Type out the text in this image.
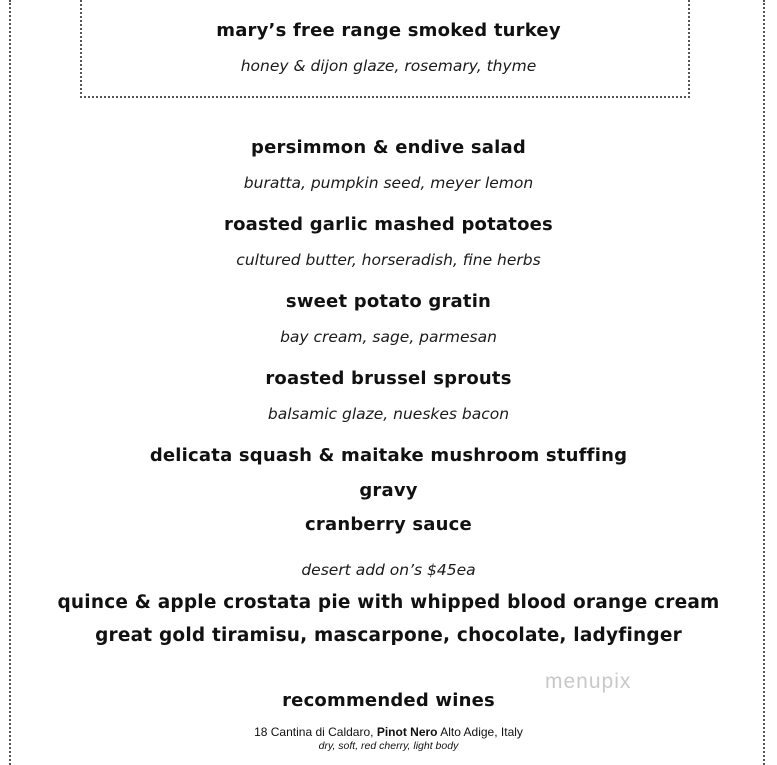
mary’s free range smoked turkey
honey & dijon glaze, rosemary, thyme
persimmon & endive salad
buratta, pumpkin seed, meyer lemon
roasted garlic mashed potatoes
cultured butter, horseradish, fine herbs
sweet potato gratin
bay cream, sage, parmesan
roasted brussel sprouts
balsamic glaze, nueskes bacon
delicata squash & maitake mushroom stuffing
gravy
cranberry sauce
desert add on’s $45ea
quince & apple crostata pie with whipped blood orange cream
great gold tiramisu, mascarpone, chocolate, ladyfinger
recommended wines
18 Cantina di Caldaro, Pinot Nero Alto Adige, Italy
dry, soft, red cherry, light body
menupix
